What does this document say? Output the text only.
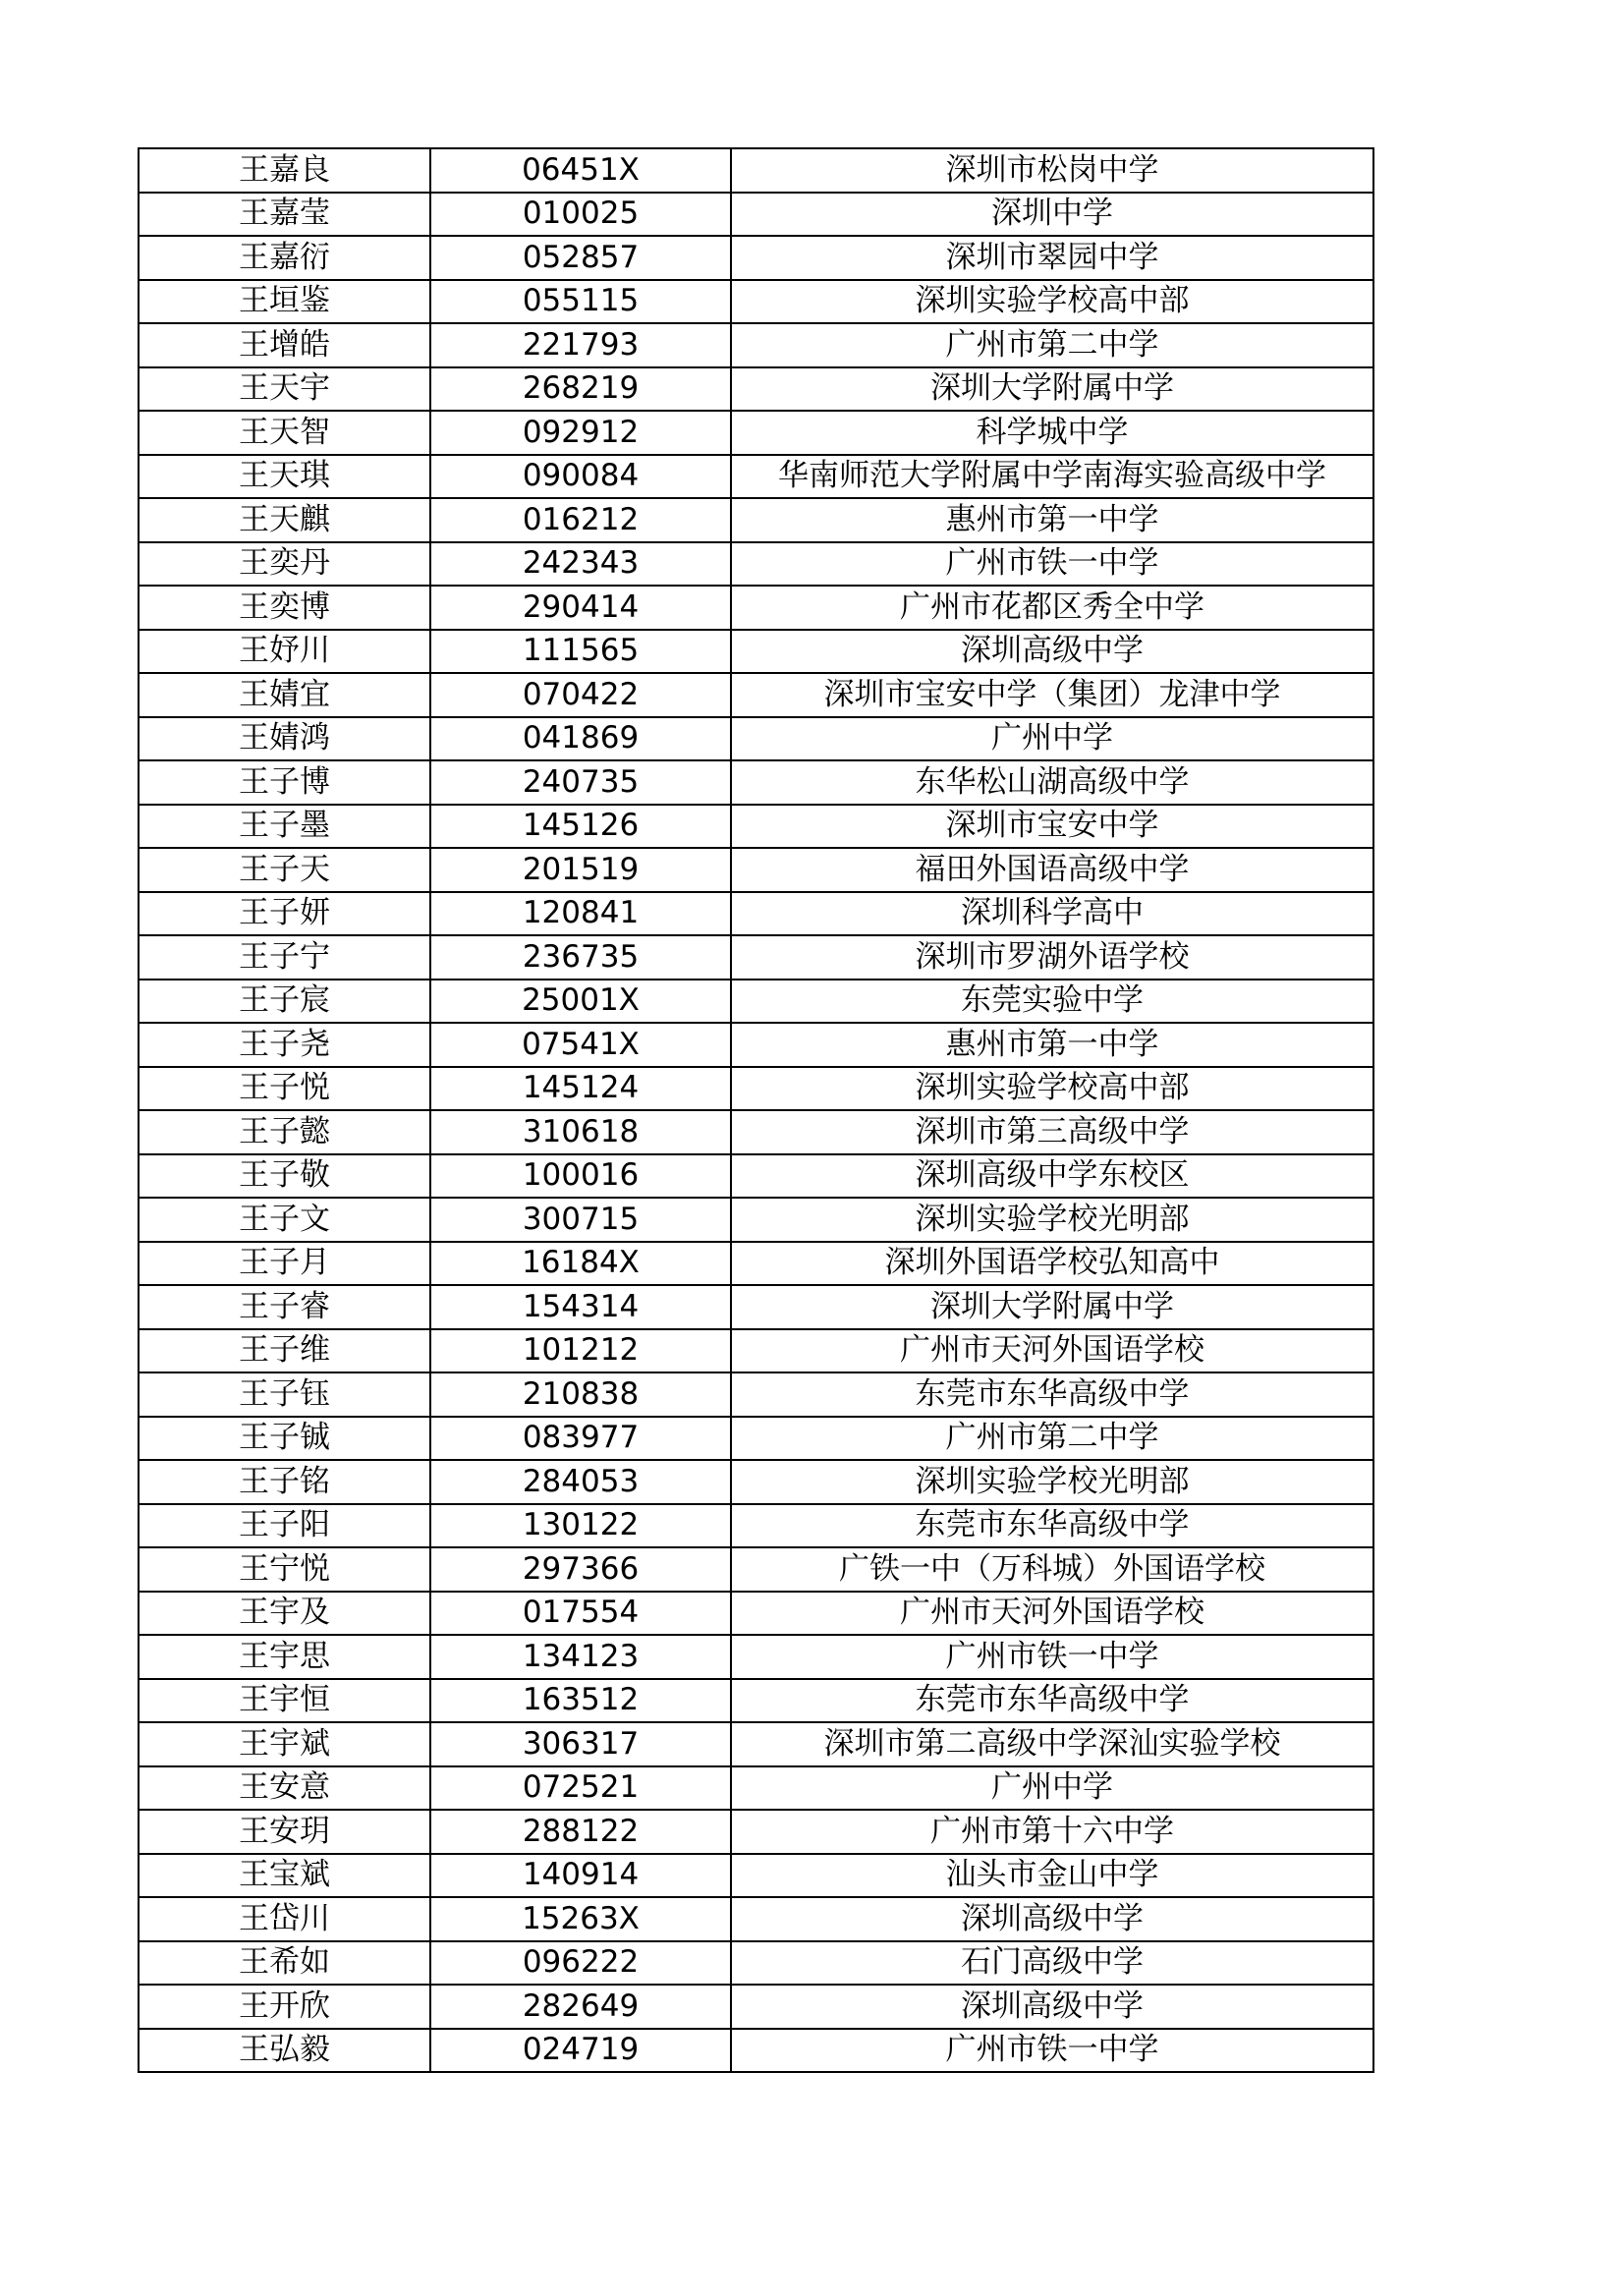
王嘉良	06451X	深圳市松岗中学
王嘉莹	010025	深圳中学
王嘉衍	052857	深圳市翠园中学
王垣鉴	055115	深圳实验学校高中部
王增皓	221793	广州市第二中学
王天宇	268219	深圳大学附属中学
王天智	092912	科学城中学
王天琪	090084	华南师范大学附属中学南海实验高级中学
王天麒	016212	惠州市第一中学
王奕丹	242343	广州市铁一中学
王奕博	290414	广州市花都区秀全中学
王妤川	111565	深圳高级中学
王婧宜	070422	深圳市宝安中学（集团）龙津中学
王婧鸿	041869	广州中学
王子博	240735	东华松山湖高级中学
王子墨	145126	深圳市宝安中学
王子天	201519	福田外国语高级中学
王子妍	120841	深圳科学高中
王子宁	236735	深圳市罗湖外语学校
王子宸	25001X	东莞实验中学
王子尧	07541X	惠州市第一中学
王子悦	145124	深圳实验学校高中部
王子懿	310618	深圳市第三高级中学
王子敬	100016	深圳高级中学东校区
王子文	300715	深圳实验学校光明部
王子月	16184X	深圳外国语学校弘知高中
王子睿	154314	深圳大学附属中学
王子维	101212	广州市天河外国语学校
王子钰	210838	东莞市东华高级中学
王子铖	083977	广州市第二中学
王子铭	284053	深圳实验学校光明部
王子阳	130122	东莞市东华高级中学
王宁悦	297366	广铁一中（万科城）外国语学校
王宇及	017554	广州市天河外国语学校
王宇思	134123	广州市铁一中学
王宇恒	163512	东莞市东华高级中学
王宇斌	306317	深圳市第二高级中学深汕实验学校
王安意	072521	广州中学
王安玥	288122	广州市第十六中学
王宝斌	140914	汕头市金山中学
王岱川	15263X	深圳高级中学
王希如	096222	石门高级中学
王开欣	282649	深圳高级中学
王弘毅	024719	广州市铁一中学
